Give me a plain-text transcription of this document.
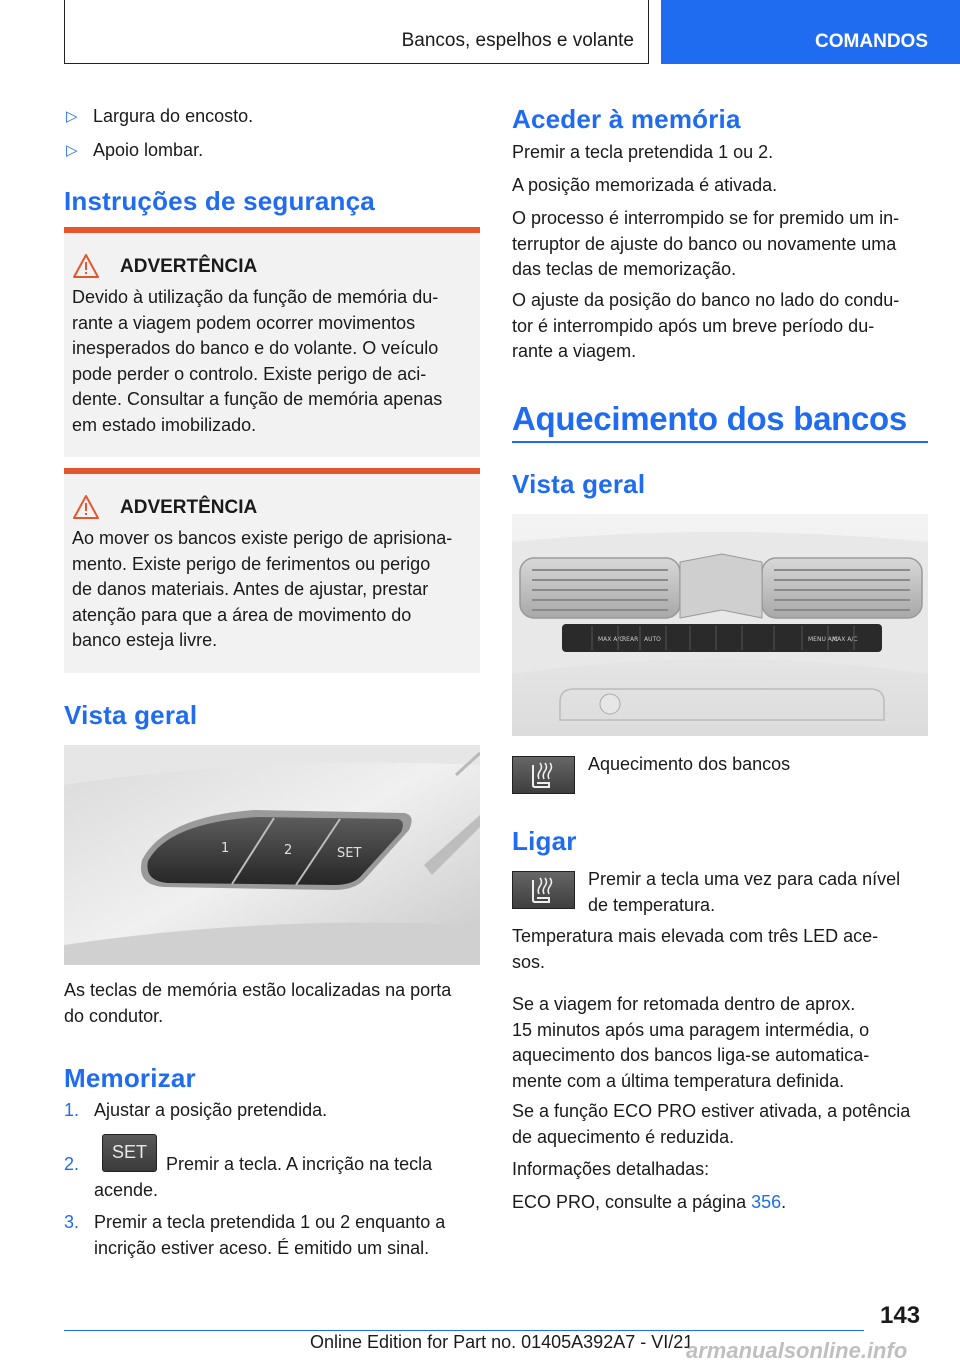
Bancos, espelhos e volante	COMANDOS
▷ Largura do encosto.
▷ Apoio lombar.
Instruções de segurança
ADVERTÊNCIA
Devido à utilização da função de memória du-
rante a viagem podem ocorrer movimentos
inesperados do banco e do volante. O veículo
pode perder o controlo. Existe perigo de aci-
dente. Consultar a função de memória apenas
em estado imobilizado.
ADVERTÊNCIA
Ao mover os bancos existe perigo de aprisiona-
mento. Existe perigo de ferimentos ou perigo
de danos materiais. Antes de ajustar, prestar
atenção para que a área de movimento do
banco esteja livre.
Vista geral
1	2	SET
As teclas de memória estão localizadas na porta
do condutor.
Memorizar
1. Ajustar a posição pretendida.
2.
SET
Premir a tecla. A incrição na tecla
acende.
3. Premir a tecla pretendida 1 ou 2 enquanto a
incrição estiver aceso. É emitido um sinal.
Aceder à memória
Premir a tecla pretendida 1 ou 2.
A posição memorizada é ativada.
O processo é interrompido se for premido um in-
terruptor de ajuste do banco ou novamente uma
das teclas de memorização.
O ajuste da posição do banco no lado do condu-
tor é interrompido após um breve período du-
rante a viagem.
Aquecimento dos bancos
Vista geral
MAX A/C
REAR AUTO	MENU A/C
MAX A/C
Aquecimento dos bancos
Ligar
Premir a tecla uma vez para cada nível
de temperatura.
Temperatura mais elevada com três LED ace-
sos.
Se a viagem for retomada dentro de aprox.
15 minutos após uma paragem intermédia, o
aquecimento dos bancos liga-se automatica-
mente com a última temperatura definida.
Se a função ECO PRO estiver ativada, a potência
de aquecimento é reduzida.
Informações detalhadas:
ECO PRO, consulte a página 356.
143
Online Edition for Part no. 01405A392A7 - VI/21
armanualsonline.info
